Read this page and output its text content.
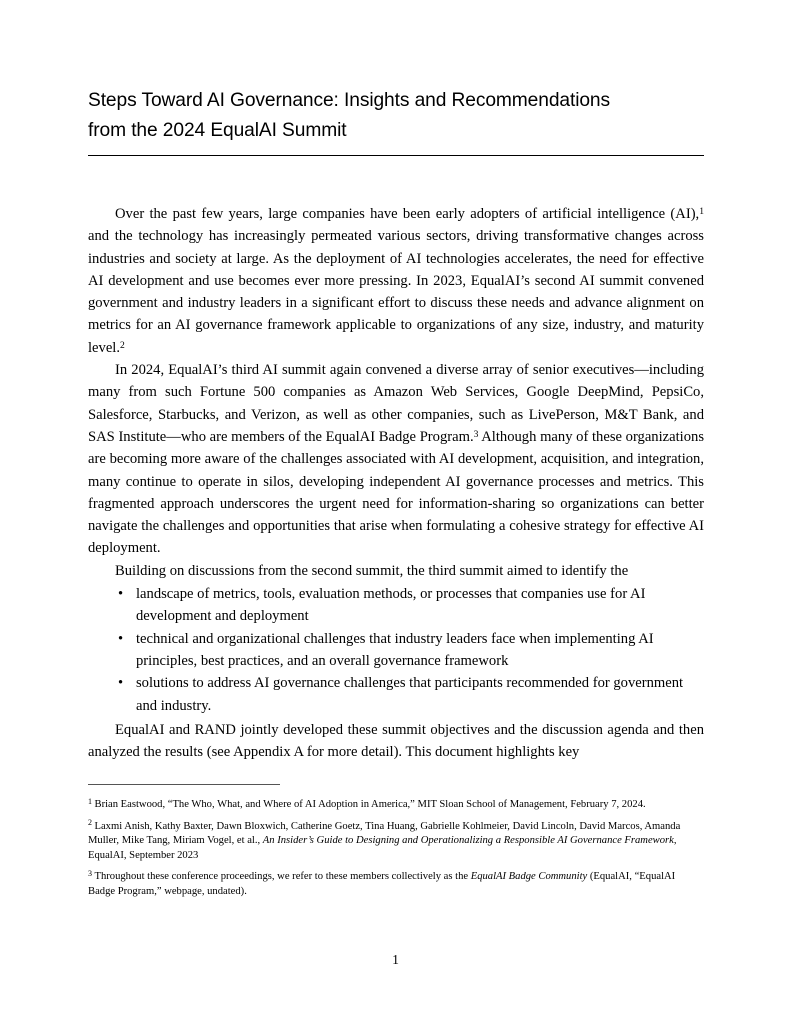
Steps Toward AI Governance: Insights and Recommendations
from the 2024 EqualAI Summit

Over the past few years, large companies have been early adopters of artificial intelligence (AI),$^1$ and the technology has increasingly permeated various sectors, driving transformative changes across industries and society at large. As the deployment of AI technologies accelerates, the need for effective AI development and use becomes ever more pressing. In 2023, EqualAI’s second AI summit convened government and industry leaders in a significant effort to discuss these needs and advance alignment on metrics for an AI governance framework applicable to organizations of any size, industry, and maturity level.$^2$

In 2024, EqualAI’s third AI summit again convened a diverse array of senior executives—including many from such Fortune 500 companies as Amazon Web Services, Google DeepMind, PepsiCo, Salesforce, Starbucks, and Verizon, as well as other companies, such as LivePerson, M&T Bank, and SAS Institute—who are members of the EqualAI Badge Program.$^3$ Although many of these organizations are becoming more aware of the challenges associated with AI development, acquisition, and integration, many continue to operate in silos, developing independent AI governance processes and metrics. This fragmented approach underscores the urgent need for information-sharing so organizations can better navigate the challenges and opportunities that arise when formulating a cohesive strategy for effective AI deployment.

Building on discussions from the second summit, the third summit aimed to identify the

• landscape of metrics, tools, evaluation methods, or processes that companies use for AI development and deployment
• technical and organizational challenges that industry leaders face when implementing AI principles, best practices, and an overall governance framework
• solutions to address AI governance challenges that participants recommended for government and industry.

EqualAI and RAND jointly developed these summit objectives and the discussion agenda and then analyzed the results (see Appendix A for more detail). This document highlights key

$^1$ Brian Eastwood, “The Who, What, and Where of AI Adoption in America,” MIT Sloan School of Management, February 7, 2024.

$^2$ Laxmi Anish, Kathy Baxter, Dawn Bloxwich, Catherine Goetz, Tina Huang, Gabrielle Kohlmeier, David Lincoln, David Marcos, Amanda Muller, Mike Tang, Miriam Vogel, et al., An Insider’s Guide to Designing and Operationalizing a Responsible AI Governance Framework, EqualAI, September 2023

$^3$ Throughout these conference proceedings, we refer to these members collectively as the EqualAI Badge Community (EqualAI, “EqualAI Badge Program,” webpage, undated).

1
